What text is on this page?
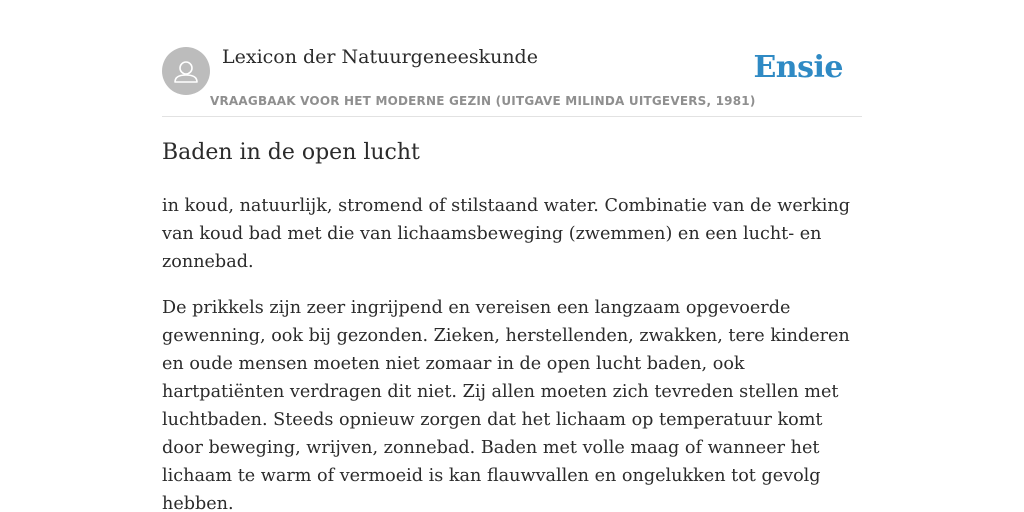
Lexicon der Natuurgeneeskunde
VRAAGBAAK VOOR HET MODERNE GEZIN (UITGAVE MILINDA UITGEVERS, 1981)
Ensie
Baden in de open lucht

in koud, natuurlijk, stromend of stilstaand water. Combinatie van de werking van koud bad met die van lichaamsbeweging (zwemmen) en een lucht- en zonnebad.

De prikkels zijn zeer ingrijpend en vereisen een langzaam opgevoerde gewenning, ook bij gezonden. Zieken, herstellenden, zwakken, tere kinderen en oude mensen moeten niet zomaar in de open lucht baden, ook hartpatiënten verdragen dit niet. Zij allen moeten zich tevreden stellen met luchtbaden. Steeds opnieuw zorgen dat het lichaam op temperatuur komt door beweging, wrijven, zonnebad. Baden met volle maag of wanneer het lichaam te warm of vermoeid is kan flauwvallen en ongelukken tot gevolg hebben.
